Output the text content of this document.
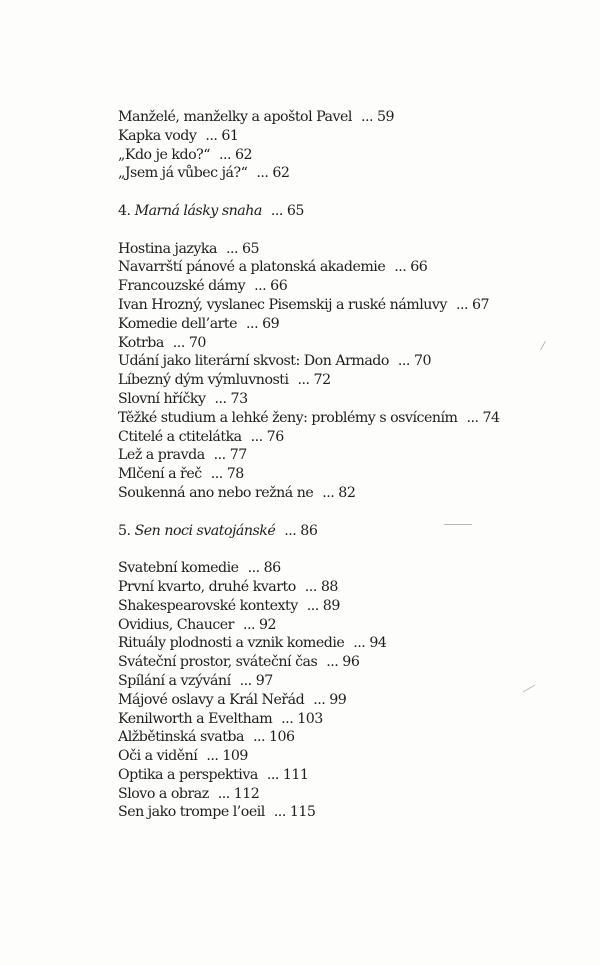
Manželé, manželky a apoštol Pavel ... 59
Kapka vody ... 61
„Kdo je kdo?“ ... 62
„Jsem já vůbec já?“ ... 62
4. Marná lásky snaha ... 65
Hostina jazyka ... 65
Navarrští pánové a platonská akademie ... 66
Francouzské dámy ... 66
Ivan Hrozný, vyslanec Pisemskij a ruské námluvy ... 67
Komedie dell’arte ... 69
Kotrba ... 70
Udání jako literární skvost: Don Armado ... 70
Líbezný dým výmluvnosti ... 72
Slovní hříčky ... 73
Těžké studium a lehké ženy: problémy s osvícením ... 74
Ctitelé a ctitelátka ... 76
Lež a pravda ... 77
Mlčení a řeč ... 78
Soukenná ano nebo režná ne ... 82
5. Sen noci svatojánské ... 86
Svatební komedie ... 86
První kvarto, druhé kvarto ... 88
Shakespearovské kontexty ... 89
Ovidius, Chaucer ... 92
Rituály plodnosti a vznik komedie ... 94
Sváteční prostor, sváteční čas ... 96
Spílání a vzývání ... 97
Májové oslavy a Král Neřád ... 99
Kenilworth a Eveltham ... 103
Alžbětinská svatba ... 106
Oči a vidění ... 109
Optika a perspektiva ... 111
Slovo a obraz ... 112
Sen jako trompe l’oeil ... 115
